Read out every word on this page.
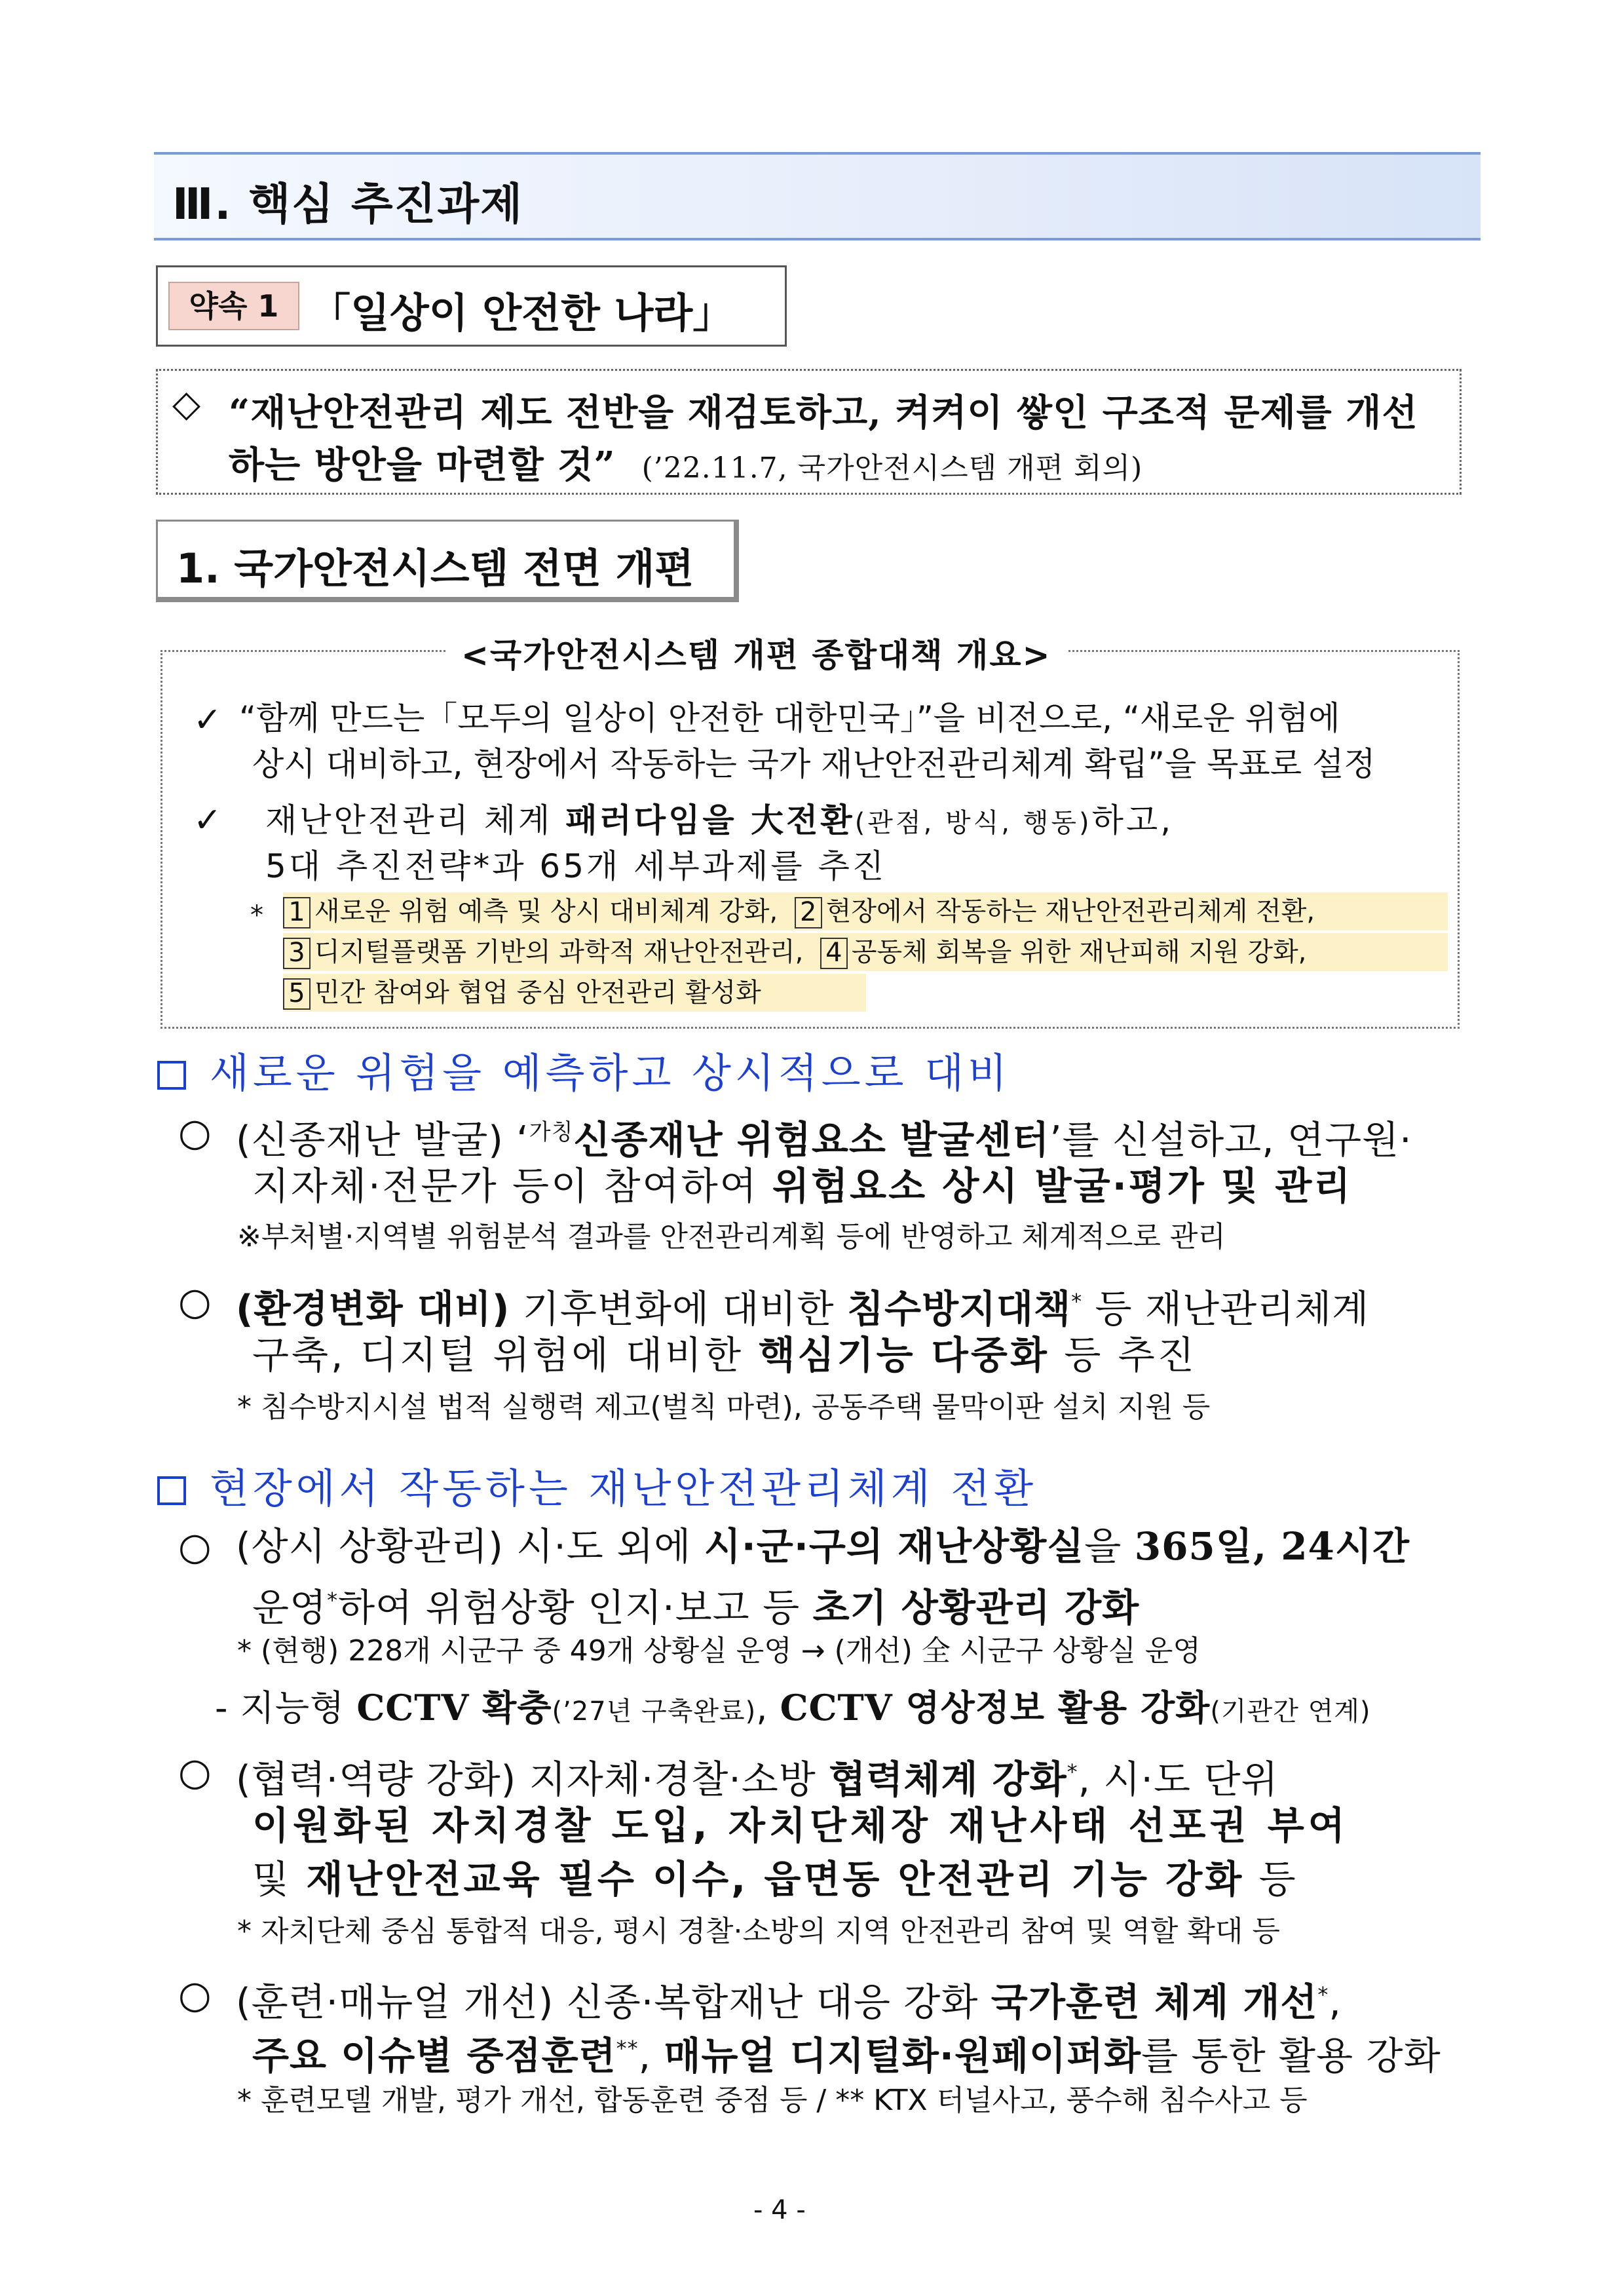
Ⅲ. 핵심 추진과제
약속 1 「일상이 안전한 나라」
◇ “재난안전관리 제도 전반을 재검토하고, 켜켜이 쌓인 구조적 문제를 개선
하는 방안을 마련할 것” (’22.11.7, 국가안전시스템 개편 회의)
1. 국가안전시스템 전면 개편
<국가안전시스템 개편 종합대책 개요>
✓ “함께 만드는「모두의 일상이 안전한 대한민국」”을 비전으로, “새로운 위험에
상시 대비하고, 현장에서 작동하는 국가 재난안전관리체계 확립”을 목표로 설정
✓ 재난안전관리 체계 패러다임을 大전환(관점, 방식, 행동)하고,
5대 추진전략*과 65개 세부과제를 추진
* 1 새로운 위험 예측 및 상시 대비체계 강화, 2 현장에서 작동하는 재난안전관리체계 전환,
3 디지털플랫폼 기반의 과학적 재난안전관리, 4 공동체 회복을 위한 재난피해 지원 강화,
5 민간 참여와 협업 중심 안전관리 활성화
새로운 위험을 예측하고 상시적으로 대비
○ (신종재난 발굴) ‘$^{가칭}$신종재난 위험요소 발굴센터’를 신설하고, 연구원·
지자체·전문가 등이 참여하여 위험요소 상시 발굴·평가 및 관리
※부처별·지역별 위험분석 결과를 안전관리계획 등에 반영하고 체계적으로 관리
○ (환경변화 대비) 기후변화에 대비한 침수방지대책* 등 재난관리체계
구축, 디지털 위험에 대비한 핵심기능 다중화 등 추진
* 침수방지시설 법적 실행력 제고(벌칙 마련), 공동주택 물막이판 설치 지원 등
현장에서 작동하는 재난안전관리체계 전환
○ (상시 상황관리) 시·도 외에 시·군·구의 재난상황실을 365일, 24시간
운영*하여 위험상황 인지·보고 등 초기 상황관리 강화
* (현행) 228개 시군구 중 49개 상황실 운영 → (개선) 全 시군구 상황실 운영
- 지능형 CCTV 확충(’27년 구축완료), CCTV 영상정보 활용 강화(기관간 연계)
○ (협력·역량 강화) 지자체·경찰·소방 협력체계 강화*, 시·도 단위
이원화된 자치경찰 도입, 자치단체장 재난사태 선포권 부여
및 재난안전교육 필수 이수, 읍면동 안전관리 기능 강화 등
* 자치단체 중심 통합적 대응, 평시 경찰·소방의 지역 안전관리 참여 및 역할 확대 등
○ (훈련·매뉴얼 개선) 신종·복합재난 대응 강화 국가훈련 체계 개선*,
주요 이슈별 중점훈련**, 매뉴얼 디지털화·원페이퍼화를 통한 활용 강화
* 훈련모델 개발, 평가 개선, 합동훈련 중점 등 / ** KTX 터널사고, 풍수해 침수사고 등
- 4 -
